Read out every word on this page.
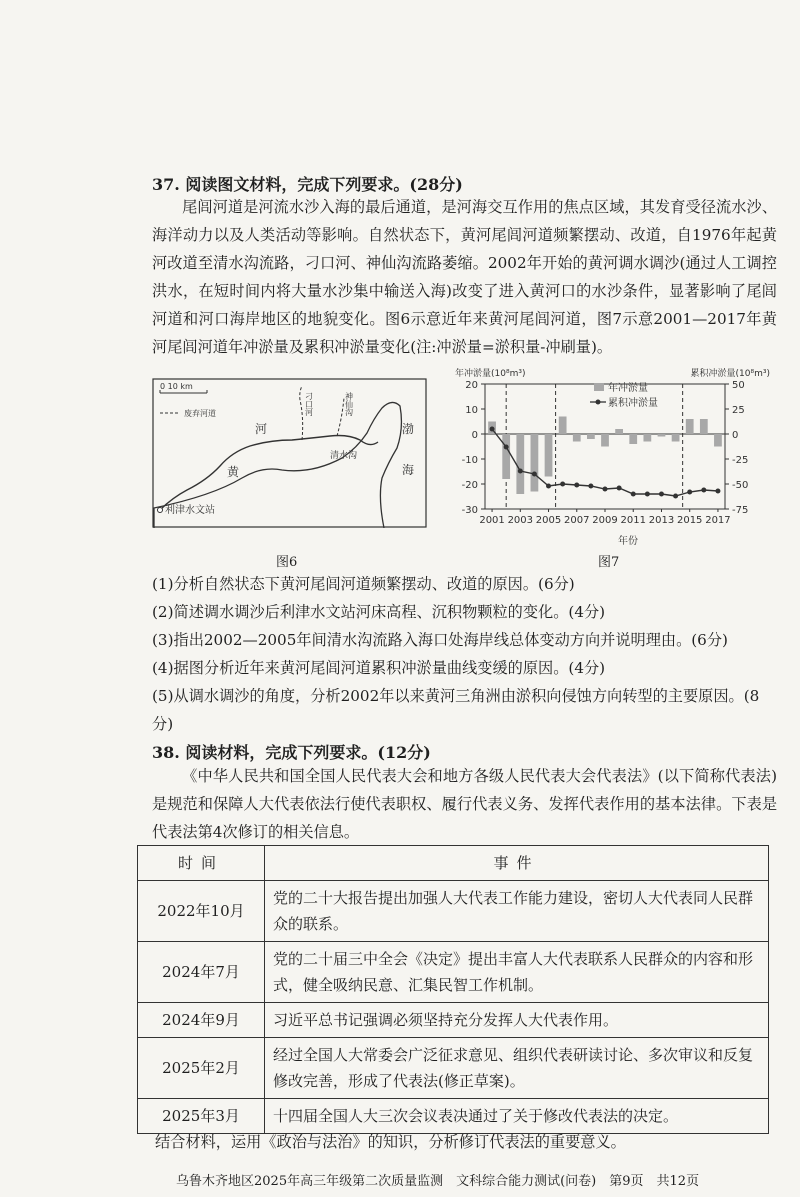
37. 阅读图文材料，完成下列要求。(28分)
尾闾河道是河流水沙入海的最后通道，是河海交互作用的焦点区域，其发育受径流水沙、海洋动力以及人类活动等影响。自然状态下，黄河尾闾河道频繁摆动、改道，自1976年起黄河改道至清水沟流路，刁口河、神仙沟流路萎缩。2002年开始的黄河调水调沙(通过人工调控洪水，在短时间内将大量水沙集中输送入海)改变了进入黄河口的水沙条件，显著影响了尾闾河道和河口海岸地区的地貌变化。图6示意近年来黄河尾闾河道，图7示意2001—2017年黄河尾闾河道年冲淤量及累积冲淤量变化(注:冲淤量=淤积量-冲刷量)。
0 10 km
废弃河道
河
黄
利津水文站
刁口河	神仙沟
清水沟
渤
海
图6
年冲淤量(10⁸m³)	累积冲淤量(10⁸m³)
年份
20
10
0
-10
-20
-30
50
25
0
-25
-50
-75
2001 2003 2005 2007 2009 2011 2013 2015 2017
年冲淤量
累积冲淤量
图7
(1)分析自然状态下黄河尾闾河道频繁摆动、改道的原因。(6分)
(2)简述调水调沙后利津水文站河床高程、沉积物颗粒的变化。(4分)
(3)指出2002—2005年间清水沟流路入海口处海岸线总体变动方向并说明理由。(6分)
(4)据图分析近年来黄河尾闾河道累积冲淤量曲线变缓的原因。(4分)
(5)从调水调沙的角度，分析2002年以来黄河三角洲由淤积向侵蚀方向转型的主要原因。(8分)
38. 阅读材料，完成下列要求。(12分)
《中华人民共和国全国人民代表大会和地方各级人民代表大会代表法》(以下简称代表法)是规范和保障人大代表依法行使代表职权、履行代表义务、发挥代表作用的基本法律。下表是代表法第4次修订的相关信息。
时间	事件
2022年10月	党的二十大报告提出加强人大代表工作能力建设，密切人大代表同人民群众的联系。
2024年7月	党的二十届三中全会《决定》提出丰富人大代表联系人民群众的内容和形式，健全吸纳民意、汇集民智工作机制。
2024年9月	习近平总书记强调必须坚持充分发挥人大代表作用。
2025年2月	经过全国人大常委会广泛征求意见、组织代表研读讨论、多次审议和反复修改完善，形成了代表法(修正草案)。
2025年3月	十四届全国人大三次会议表决通过了关于修改代表法的决定。
结合材料，运用《政治与法治》的知识，分析修订代表法的重要意义。
乌鲁木齐地区2025年高三年级第二次质量监测　文科综合能力测试(问卷)　 第9页　共12页
